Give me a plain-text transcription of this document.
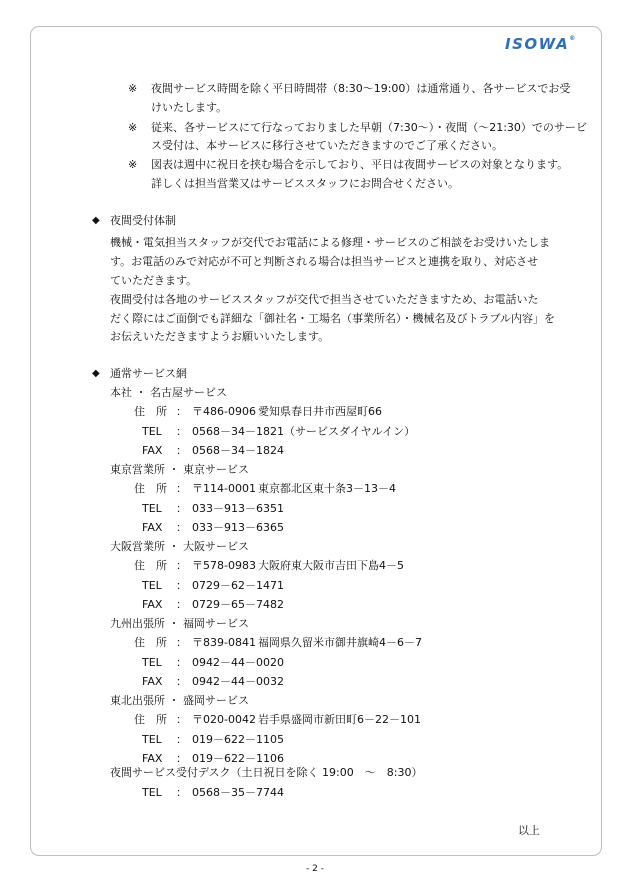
ISOWA®
※ 夜間サービス時間を除く平日時間帯（8:30～19:00）は通常通り、各サービスでお受
けいたします。
※ 従来、各サービスにて行なっておりました早朝（7:30～）・夜間（～21:30）でのサービ
ス受付は、本サービスに移行させていただきますのでご了承ください。
※ 図表は週中に祝日を挟む場合を示しており、平日は夜間サービスの対象となります。
詳しくは担当営業又はサービススタッフにお問合せください。
◆ 夜間受付体制
機械・電気担当スタッフが交代でお電話による修理・サービスのご相談をお受けいたしま
す。お電話のみで対応が不可と判断される場合は担当サービスと連携を取り、対応させ
ていただきます。
夜間受付は各地のサービススタッフが交代で担当させていただきますため、お電話いた
だく際にはご面倒でも詳細な「御社名・工場名（事業所名）・機械名及びトラブル内容」を
お伝えいただきますようお願いいたします。
◆ 通常サービス網
本社 ・ 名古屋サービス
住　所 ： 〒486-0906 愛知県春日井市西屋町66
TEL ： 0568－34－1821（サービスダイヤルイン）
FAX ： 0568－34－1824
東京営業所 ・ 東京サービス
住　所 ： 〒114-0001 東京都北区東十条3－13－4
TEL ： 033－913－6351
FAX ： 033－913－6365
大阪営業所 ・ 大阪サービス
住　所 ： 〒578-0983 大阪府東大阪市吉田下島4－5
TEL ： 0729－62－1471
FAX ： 0729－65－7482
九州出張所 ・ 福岡サービス
住　所 ： 〒839-0841 福岡県久留米市御井旗崎4－6－7
TEL ： 0942－44－0020
FAX ： 0942－44－0032
東北出張所 ・ 盛岡サービス
住　所 ： 〒020-0042 岩手県盛岡市新田町6－22－101
TEL ： 019－622－1105
FAX ： 019－622－1106
夜間サービス受付デスク（土日祝日を除く 19:00　～　8:30）
TEL ： 0568－35－7744
以上
- 2 -
